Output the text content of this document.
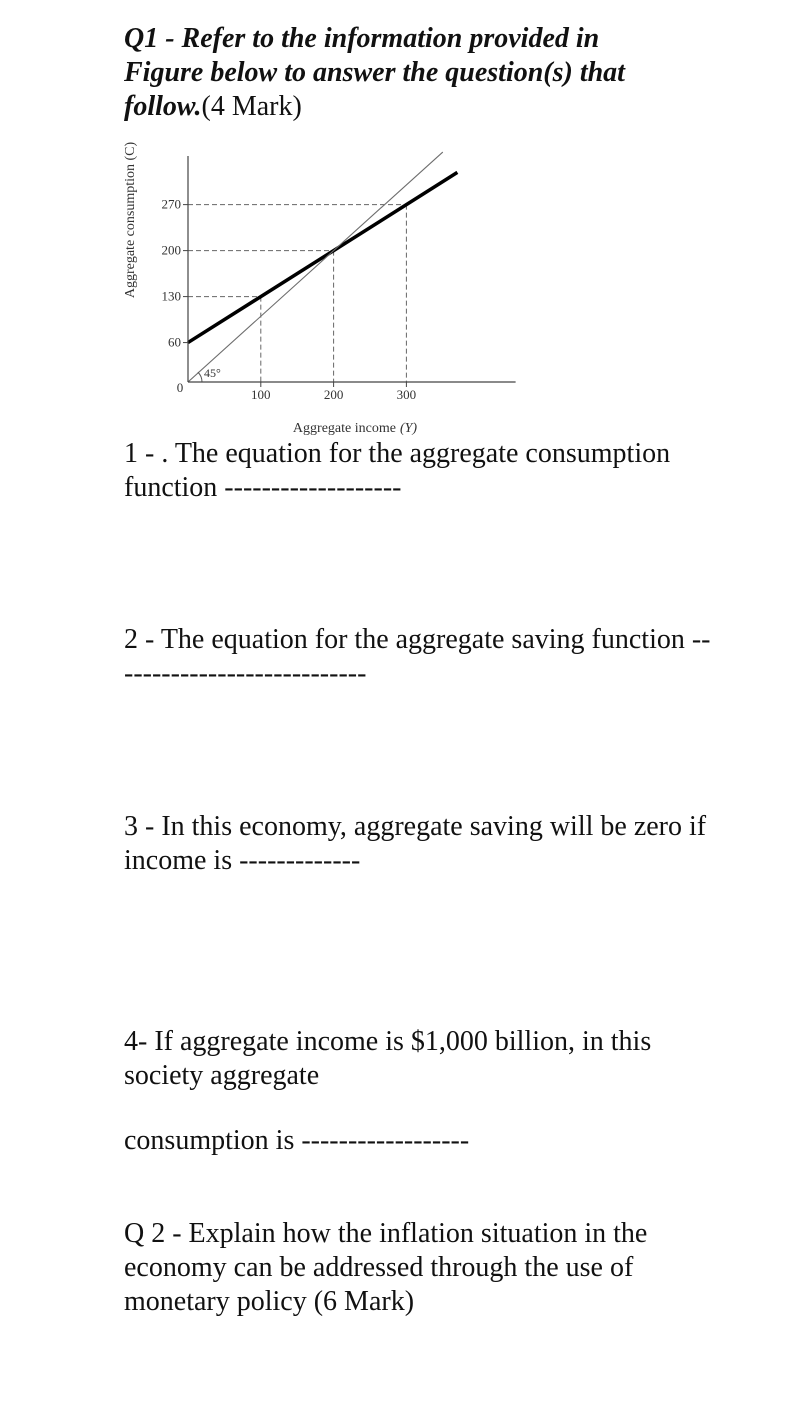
Q1 - Refer to the information provided in Figure below to answer the question(s) that follow.(4 Mark)

100	200	300
60
130
200
270
Aggregate consumption (C)
0
45°
Aggregate income (Y)

1 - . The equation for the aggregate consumption function -------------------

2 - The equation for the aggregate saving function ----------------------------

3 - In this economy, aggregate saving will be zero if income is -------------

4- If aggregate income is $1,000 billion, in this society aggregate

consumption is ------------------

Q 2 - Explain how the inflation situation in the economy can be addressed through the use of monetary policy (6 Mark)
